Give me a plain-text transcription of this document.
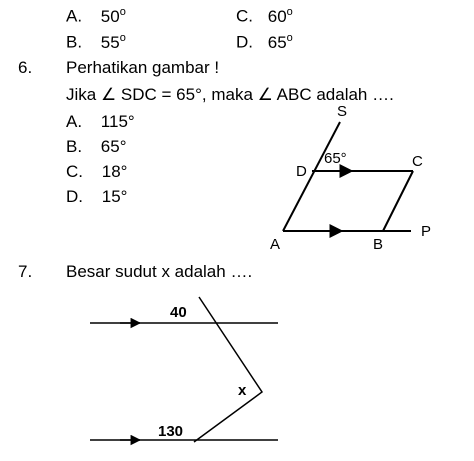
A. 50$^o$
B. 55$^o$
C. 60$^o$
D. 65$^o$
6. Perhatikan gambar !
Jika ∠ SDC = 65°, maka ∠ ABC adalah ….
A. 115°
B. 65°
C. 18°
D. 15°
7. Besar sudut x adalah ….
S
D
C
A	B
P
65°
40
130
x
